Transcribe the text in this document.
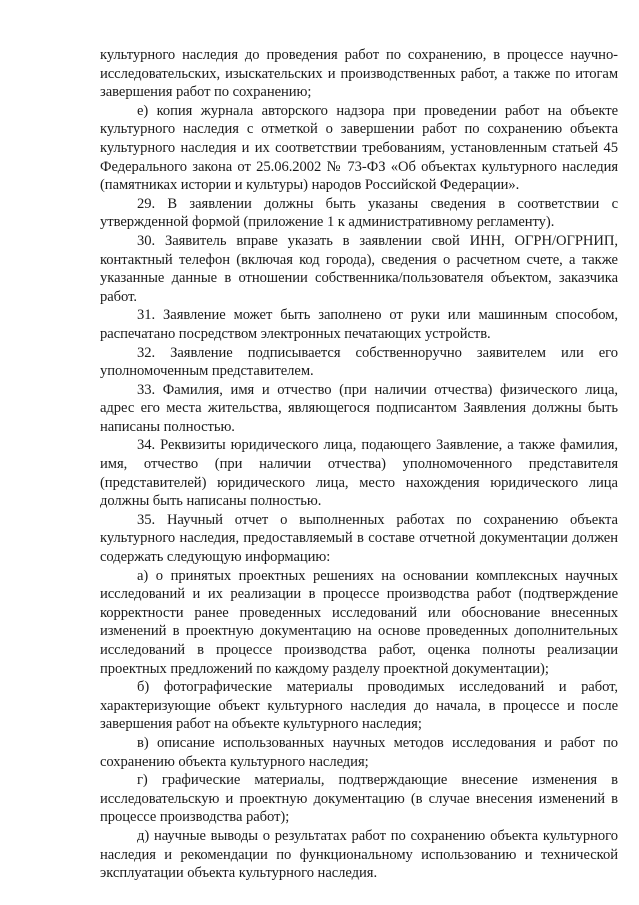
культурного наследия до проведения работ по сохранению, в процессе научно-исследовательских, изыскательских и производственных работ, а также по итогам завершения работ по сохранению;

е) копия журнала авторского надзора при проведении работ на объекте культурного наследия с отметкой о завершении работ по сохранению объекта культурного наследия и их соответствии требованиям, установленным статьей 45 Федерального закона от 25.06.2002 № 73-ФЗ «Об объектах культурного наследия (памятниках истории и культуры) народов Российской Федерации».

29. В заявлении должны быть указаны сведения в соответствии с утвержденной формой (приложение 1 к административному регламенту).

30. Заявитель вправе указать в заявлении свой ИНН, ОГРН/ОГРНИП, контактный телефон (включая код города), сведения о расчетном счете, а также указанные данные в отношении собственника/пользователя объектом, заказчика работ.

31. Заявление может быть заполнено от руки или машинным способом, распечатано посредством электронных печатающих устройств.

32. Заявление подписывается собственноручно заявителем или его уполномоченным представителем.

33. Фамилия, имя и отчество (при наличии отчества) физического лица, адрес его места жительства, являющегося подписантом Заявления должны быть написаны полностью.

34. Реквизиты юридического лица, подающего Заявление, а также фамилия, имя, отчество (при наличии отчества) уполномоченного представителя (представителей) юридического лица, место нахождения юридического лица должны быть написаны полностью.

35. Научный отчет о выполненных работах по сохранению объекта культурного наследия, предоставляемый в составе отчетной документации должен содержать следующую информацию:

а) о принятых проектных решениях на основании комплексных научных исследований и их реализации в процессе производства работ (подтверждение корректности ранее проведенных исследований или обоснование внесенных изменений в проектную документацию на основе проведенных дополнительных исследований в процессе производства работ, оценка полноты реализации проектных предложений по каждому разделу проектной документации);

б) фотографические материалы проводимых исследований и работ, характеризующие объект культурного наследия до начала, в процессе и после завершения работ на объекте культурного наследия;

в) описание использованных научных методов исследования и работ по сохранению объекта культурного наследия;

г) графические материалы, подтверждающие внесение изменения в исследовательскую и проектную документацию (в случае внесения изменений в процессе производства работ);

д) научные выводы о результатах работ по сохранению объекта культурного наследия и рекомендации по функциональному использованию и технической эксплуатации объекта культурного наследия.
